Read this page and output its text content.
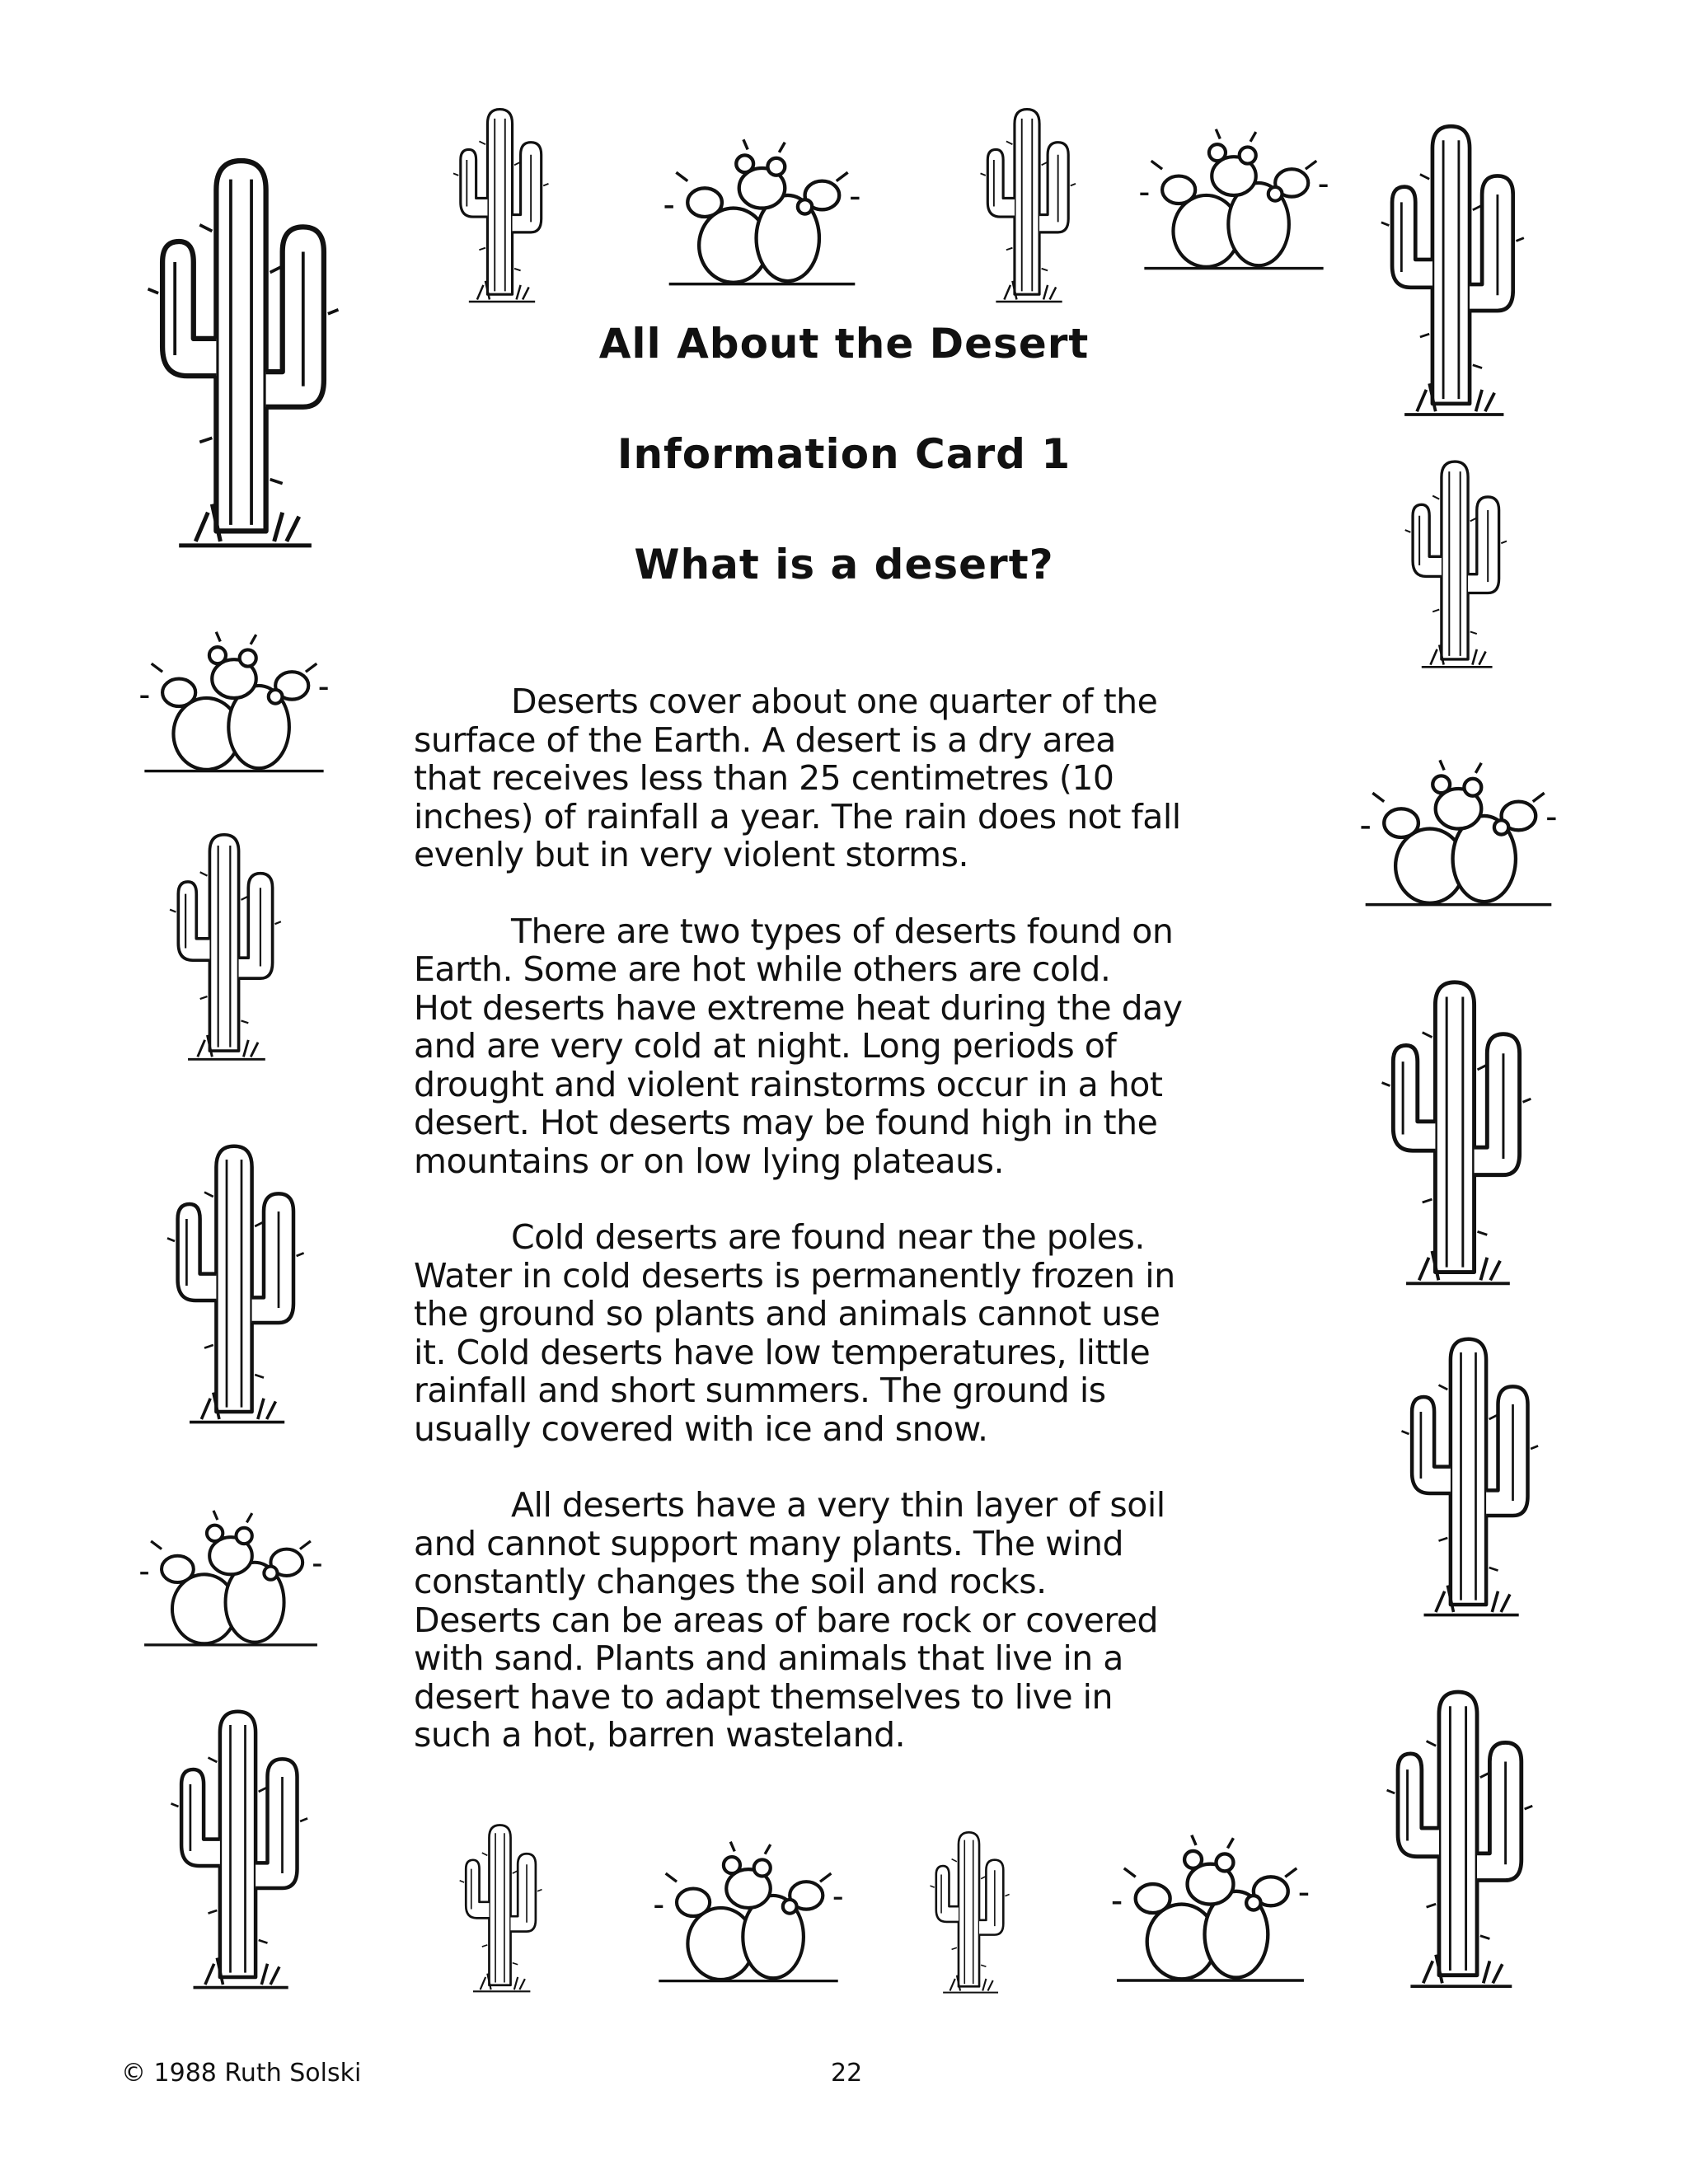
All About the Desert
Information Card 1
What is a desert?
Deserts cover about one quarter of the
surface of the Earth. A desert is a dry area
that receives less than 25 centimetres (10
inches) of rainfall a year. The rain does not fall
evenly but in very violent storms.
There are two types of deserts found on
Earth. Some are hot while others are cold.
Hot deserts have extreme heat during the day
and are very cold at night. Long periods of
drought and violent rainstorms occur in a hot
desert. Hot deserts may be found high in the
mountains or on low lying plateaus.
Cold deserts are found near the poles.
Water in cold deserts is permanently frozen in
the ground so plants and animals cannot use
it. Cold deserts have low temperatures, little
rainfall and short summers. The ground is
usually covered with ice and snow.
All deserts have a very thin layer of soil
and cannot support many plants. The wind
constantly changes the soil and rocks.
Deserts can be areas of bare rock or covered
with sand. Plants and animals that live in a
desert have to adapt themselves to live in
such a hot, barren wasteland.
© 1988 Ruth Solski	22
